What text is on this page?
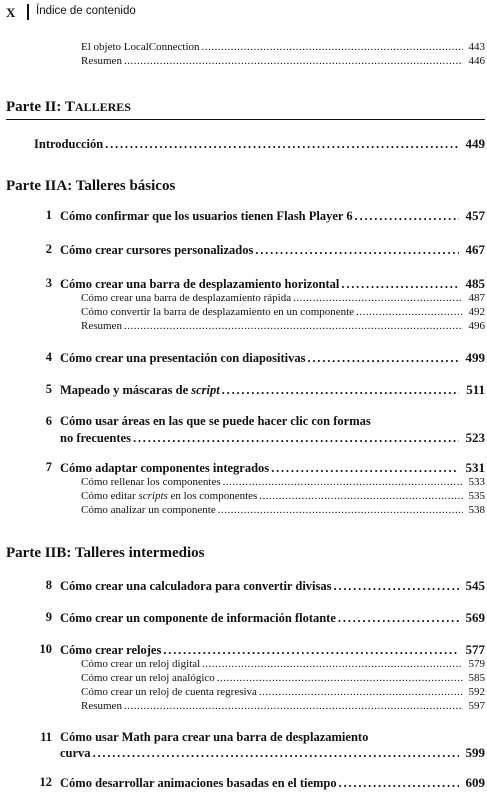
X Índice de contenido
El objeto LocalConnection .....	443
Resumen .....	446
Parte II: TALLERES
Introducción .....	449
Parte IIA: Talleres básicos
1 Cómo confirmar que los usuarios tienen Flash Player 6 .....	457
2 Cómo crear cursores personalizados .....	467
3 Cómo crear una barra de desplazamiento horizontal .....	485
Cómo crear una barra de desplazamiento rápida .....	487
Cómo convertir la barra de desplazamiento en un componente .....	492
Resumen .....	496
4 Cómo crear una presentación con diapositivas .....	499
5 Mapeado y máscaras de script .....	511
6 Cómo usar áreas en las que se puede hacer clic con formas
no frecuentes .....	523
7 Cómo adaptar componentes integrados .....	531
Cómo rellenar los componentes .....	533
Cómo editar scripts en los componentes .....	535
Cómo analizar un componente .....	538
Parte IIB: Talleres intermedios
8 Cómo crear una calculadora para convertir divisas .....	545
9 Cómo crear un componente de información flotante .....	569
10 Cómo crear relojes .....	577
Cómo crear un reloj digital .....	579
Cómo crear un reloj analógico .....	585
Cómo crear un reloj de cuenta regresiva .....	592
Resumen .....	597
11 Cómo usar Math para crear una barra de desplazamiento
curva .....	599
12 Cómo desarrollar animaciones basadas en el tiempo .....	609
